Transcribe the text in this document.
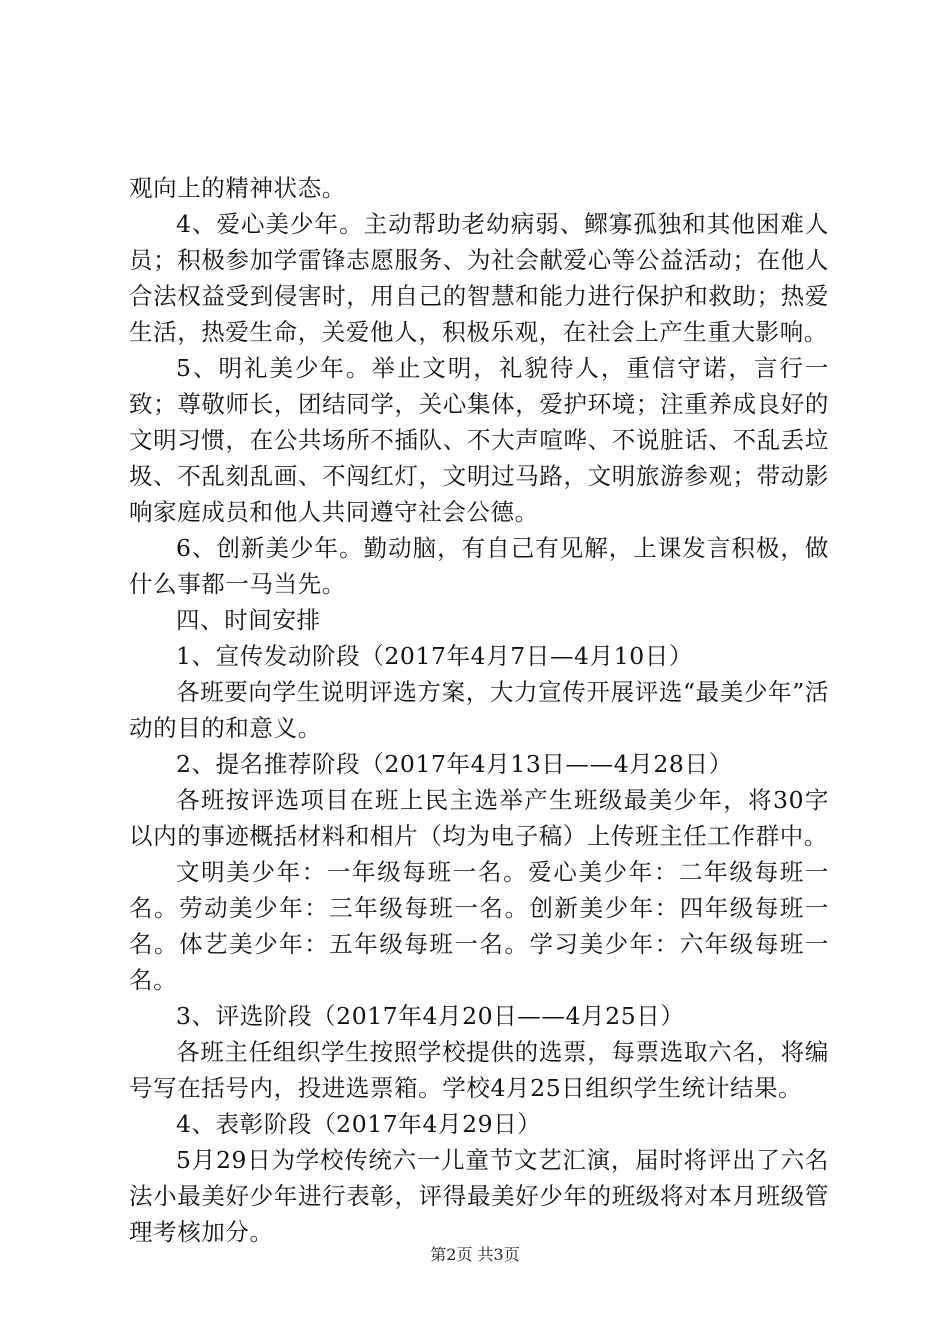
观向上的精神状态。

4、爱心美少年。主动帮助老幼病弱、鳏寡孤独和其他困难人员；积极参加学雷锋志愿服务、为社会献爱心等公益活动；在他人合法权益受到侵害时，用自己的智慧和能力进行保护和救助；热爱生活，热爱生命，关爱他人，积极乐观，在社会上产生重大影响。

5、明礼美少年。举止文明，礼貌待人，重信守诺，言行一致；尊敬师长，团结同学，关心集体，爱护环境；注重养成良好的文明习惯，在公共场所不插队、不大声喧哗、不说脏话、不乱丢垃圾、不乱刻乱画、不闯红灯，文明过马路，文明旅游参观；带动影响家庭成员和他人共同遵守社会公德。

6、创新美少年。勤动脑，有自己有见解，上课发言积极，做什么事都一马当先。

四、时间安排

1、宣传发动阶段（2017年4月7日—4月10日）

各班要向学生说明评选方案，大力宣传开展评选“最美少年”活动的目的和意义。

2、提名推荐阶段（2017年4月13日——4月28日）

各班按评选项目在班上民主选举产生班级最美少年，将30字以内的事迹概括材料和相片（均为电子稿）上传班主任工作群中。

文明美少年：一年级每班一名。爱心美少年：二年级每班一名。劳动美少年：三年级每班一名。创新美少年：四年级每班一名。体艺美少年：五年级每班一名。学习美少年：六年级每班一名。

3、评选阶段（2017年4月20日——4月25日）

各班主任组织学生按照学校提供的选票，每票选取六名，将编号写在括号内，投进选票箱。学校4月25日组织学生统计结果。

4、表彰阶段（2017年4月29日）

5月29日为学校传统六一儿童节文艺汇演，届时将评出了六名法小最美好少年进行表彰，评得最美好少年的班级将对本月班级管理考核加分。

第2页 共3页
